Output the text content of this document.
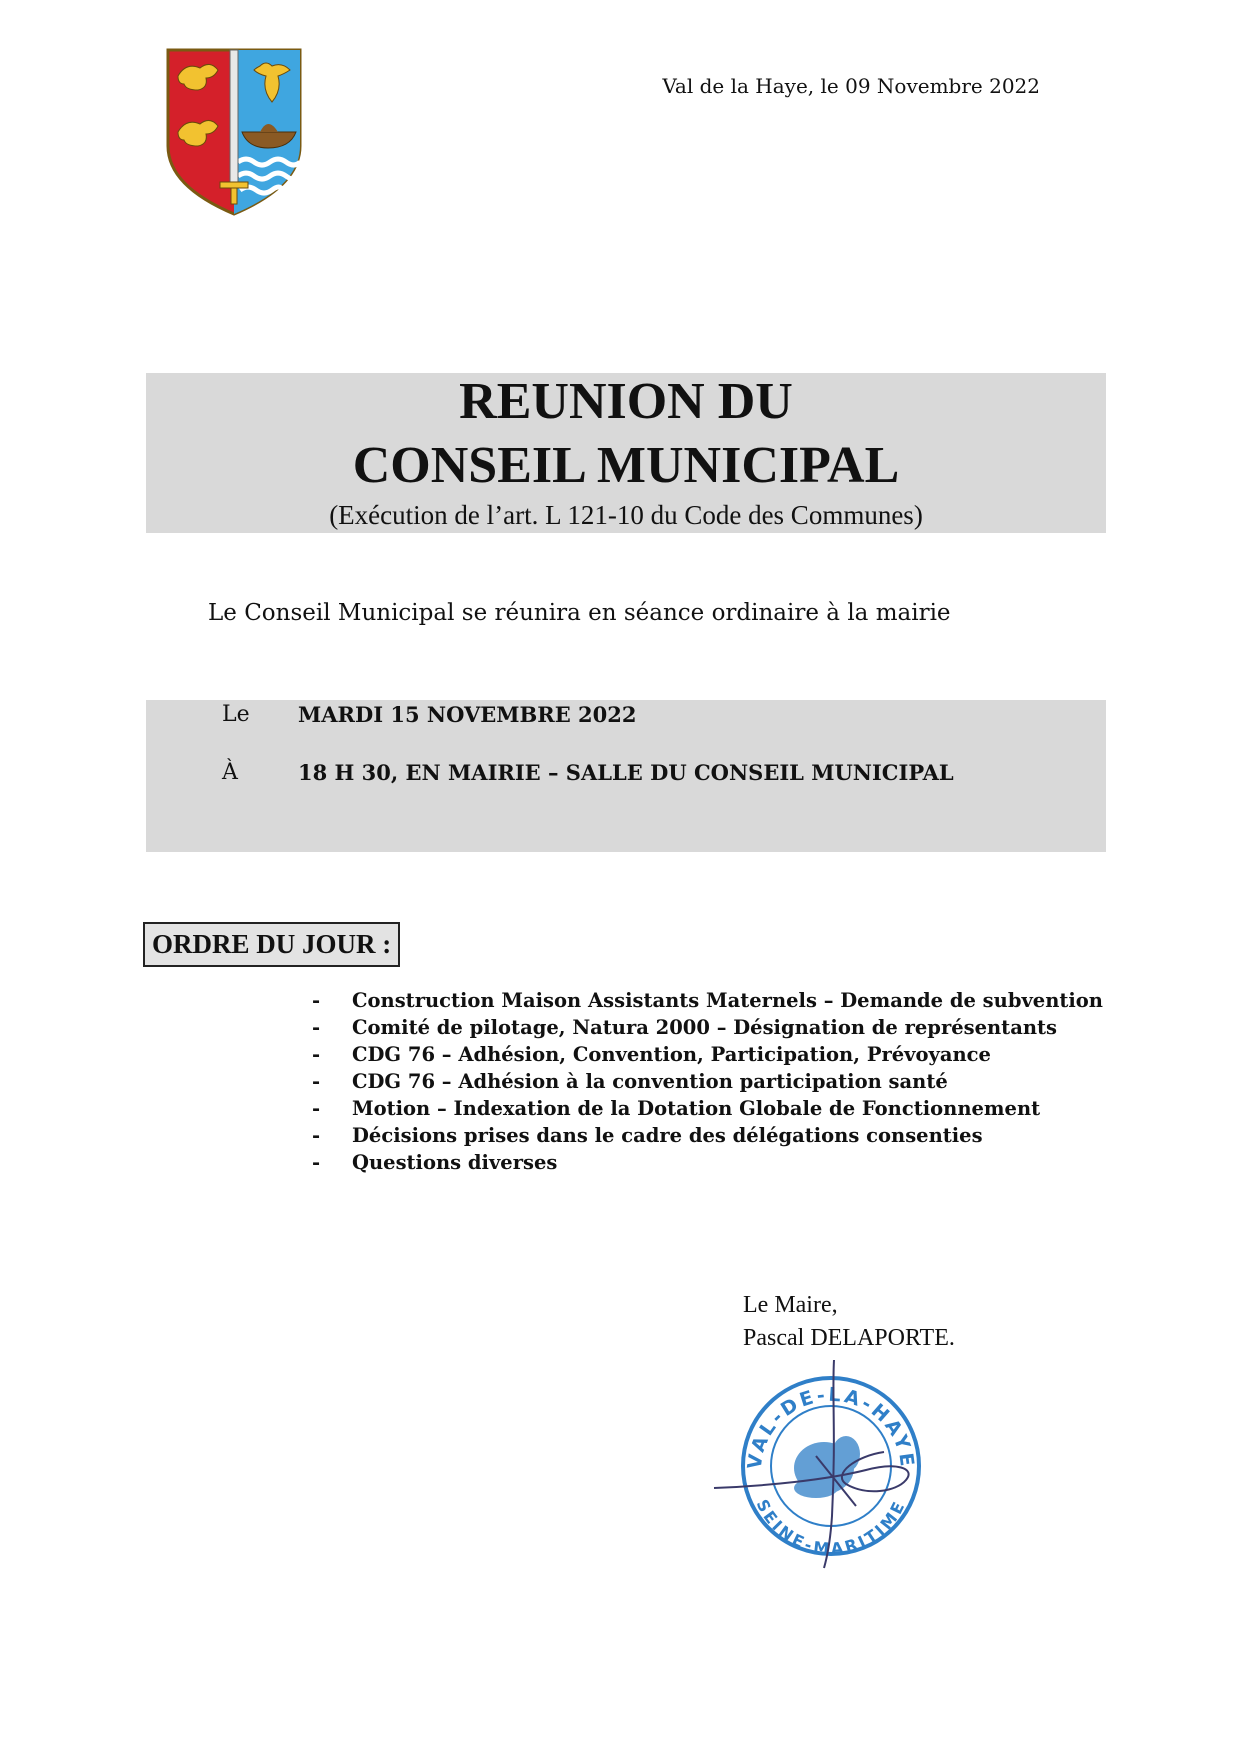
Val de la Haye, le 09 Novembre 2022
REUNION DU
CONSEIL MUNICIPAL
(Exécution de l’art. L 121-10 du Code des Communes)
Le Conseil Municipal se réunira en séance ordinaire à la mairie
Le MARDI 15 NOVEMBRE 2022
À	18 H 30, EN MAIRIE – SALLE DU CONSEIL MUNICIPAL
ORDRE DU JOUR :
- Construction Maison Assistants Maternels – Demande de subvention
- Comité de pilotage, Natura 2000 – Désignation de représentants
- CDG 76 – Adhésion, Convention, Participation, Prévoyance
- CDG 76 – Adhésion à la convention participation santé
- Motion – Indexation de la Dotation Globale de Fonctionnement
- Décisions prises dans le cadre des délégations consenties
- Questions diverses
Le Maire,
Pascal DELAPORTE.
VAL-DE-LA-HAYE
SEINE-MARITIME
